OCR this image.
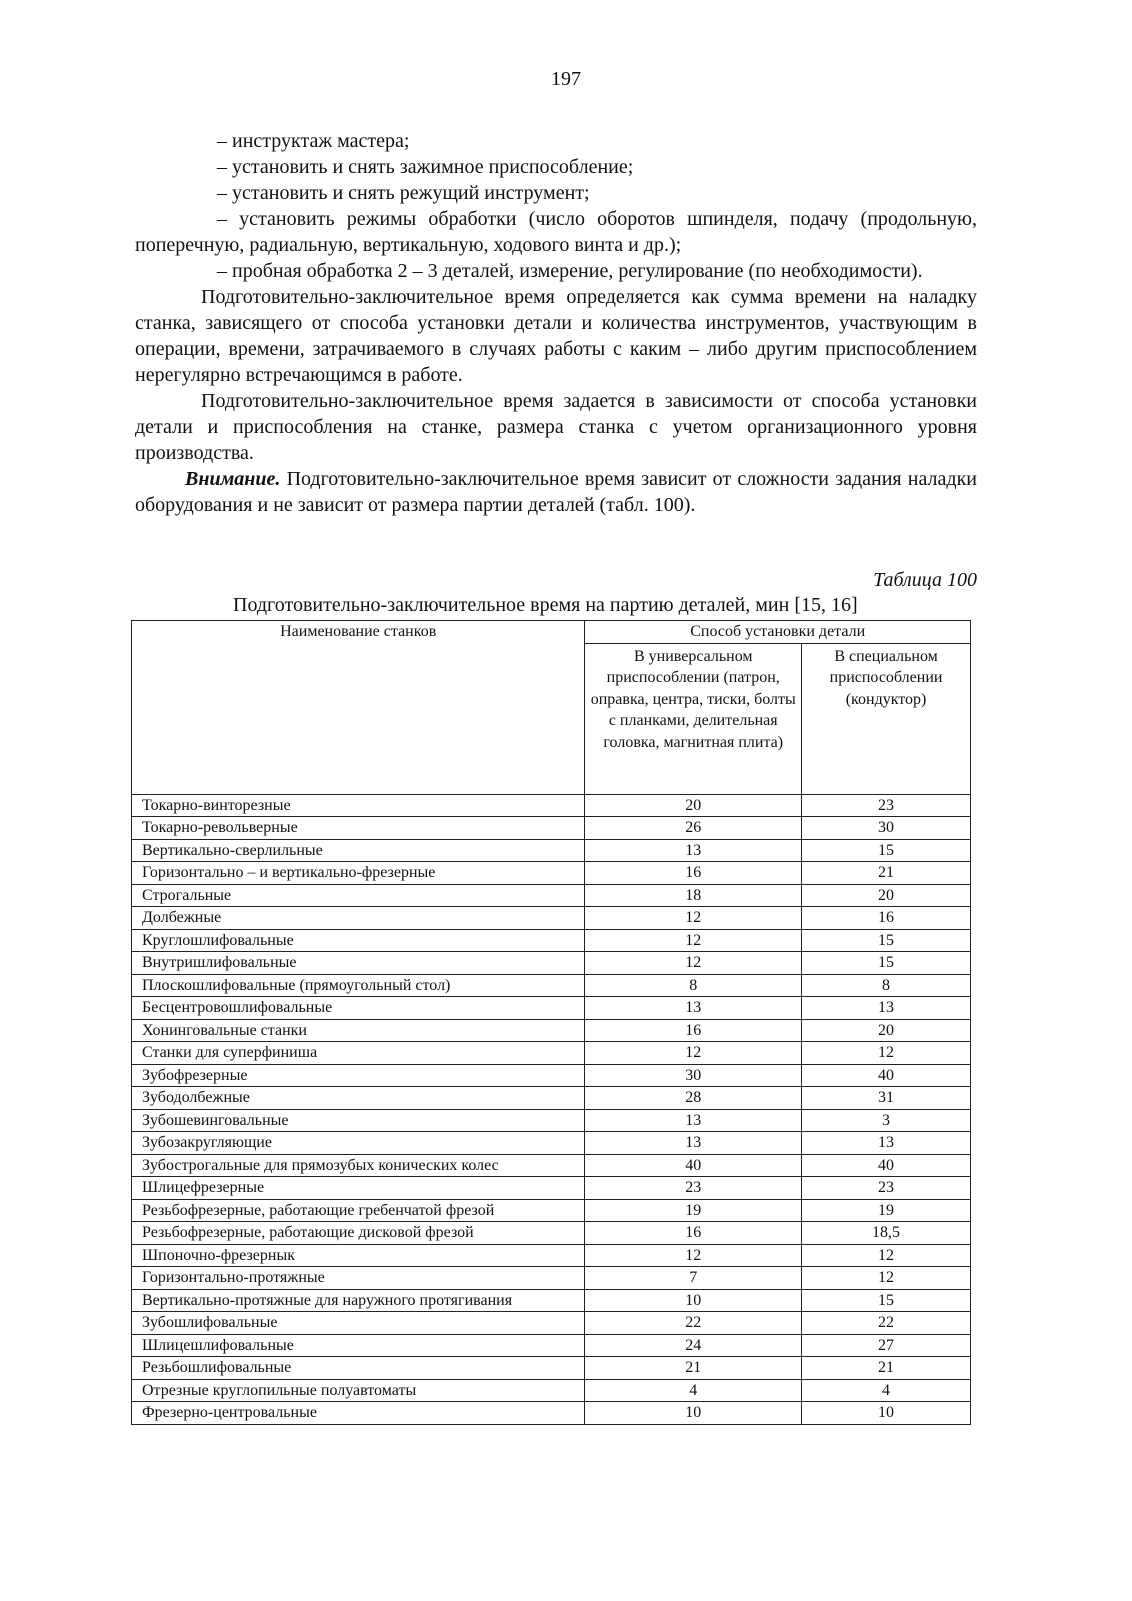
197

– инструктаж мастера;

– установить и снять зажимное приспособление;

– установить и снять режущий инструмент;

– установить режимы обработки (число оборотов шпинделя, подачу (продольную, поперечную, радиальную, вертикальную, ходового винта и др.);

– пробная обработка 2 – 3 деталей, измерение, регулирование (по необходимости).

Подготовительно-заключительное время определяется как сумма времени на наладку станка, зависящего от способа установки детали и количества инструментов, участвующим в операции, времени, затрачиваемого в случаях работы с каким – либо другим приспособлением нерегулярно встречающимся в работе.

Подготовительно-заключительное время задается в зависимости от способа установки детали и приспособления на станке, размера станка с учетом организационного уровня производства.

Внимание. Подготовительно-заключительное время зависит от сложности задания наладки оборудования и не зависит от размера партии деталей (табл. 100).

Таблица 100
Подготовительно-заключительное время на партию деталей, мин [15, 16]
Наименование станков	Способ установки детали	
	В универсальном приспособлении (патрон, оправка, центра, тиски, болты с планками, делительная головка, магнитная плита)	В специальном приспособлении (кондуктор)
Токарно-винторезные	20	23
Токарно-револьверные	26	30
Вертикально-сверлильные	13	15
Горизонтально – и вертикально-фрезерные	16	21
Строгальные	18	20
Долбежные	12	16
Круглошлифовальные	12	15
Внутришлифовальные	12	15
Плоскошлифовальные (прямоугольный стол)	8	8
Бесцентровошлифовальные	13	13
Хонинговальные станки	16	20
Станки для суперфиниша	12	12
Зубофрезерные	30	40
Зубодолбежные	28	31
Зубошевинговальные	13	3
Зубозакругляющие	13	13
Зубострогальные для прямозубых конических колес	40	40
Шлицефрезерные	23	23
Резьбофрезерные, работающие гребенчатой фрезой	19	19
Резьбофрезерные, работающие дисковой фрезой	16	18,5
Шпоночно-фрезернык	12	12
Горизонтально-протяжные	7	12
Вертикально-протяжные для наружного протягивания	10	15
Зубошлифовальные	22	22
Шлицешлифовальные	24	27
Резьбошлифовальные	21	21
Отрезные круглопильные полуавтоматы	4	4
Фрезерно-центровальные	10	10
